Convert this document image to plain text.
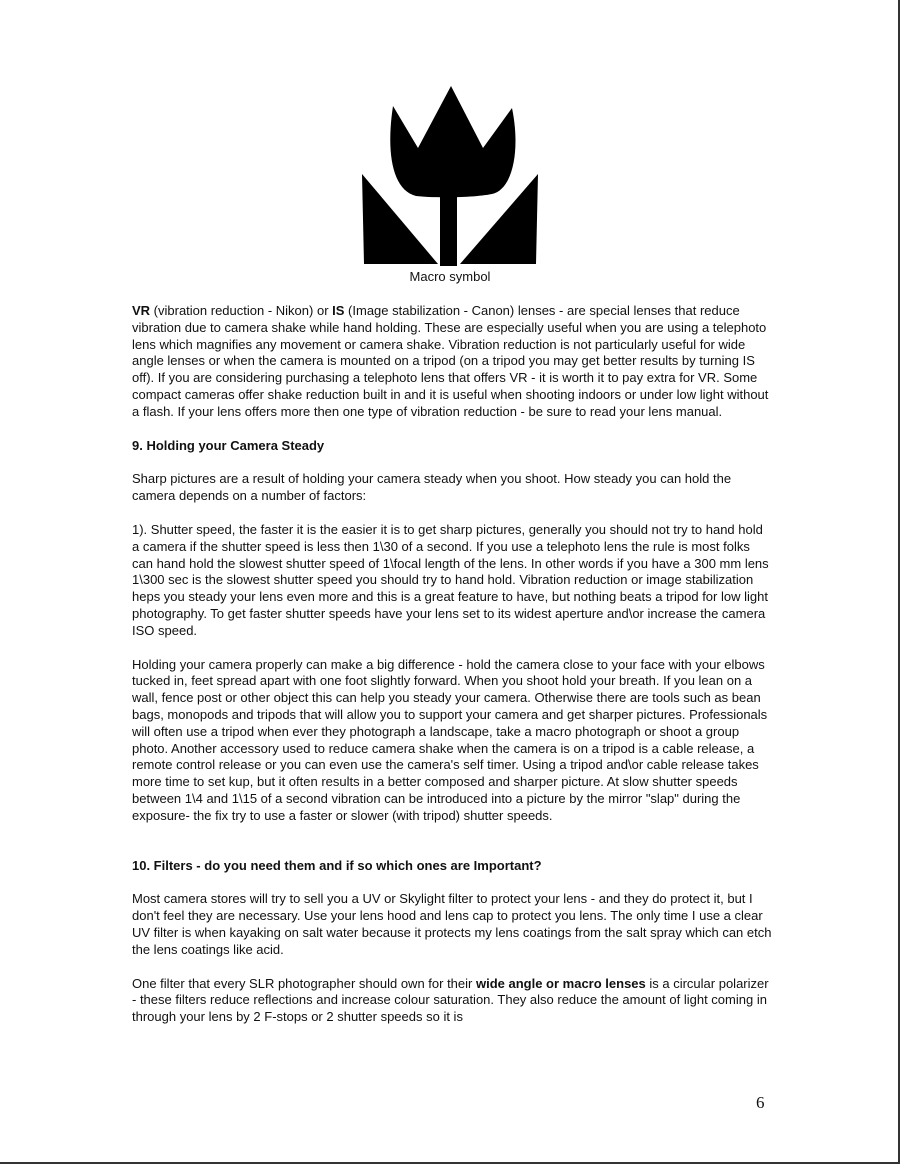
Macro symbol

VR (vibration reduction - Nikon) or IS (Image stabilization - Canon) lenses - are special lenses that reduce vibration due to camera shake while hand holding. These are especially useful when you are using a telephoto lens which magnifies any movement or camera shake. Vibration reduction is not particularly useful for wide angle lenses or when the camera is mounted on a tripod (on a tripod you may get better results by turning IS off). If you are considering purchasing a telephoto lens that offers VR - it is worth it to pay extra for VR. Some compact cameras offer shake reduction built in and it is useful when shooting indoors or under low light without a flash. If your lens offers more then one type of vibration reduction - be sure to read your lens manual.

9. Holding your Camera Steady

Sharp pictures are a result of holding your camera steady when you shoot. How steady you can hold the camera depends on a number of factors:

1). Shutter speed, the faster it is the easier it is to get sharp pictures, generally you should not try to hand hold a camera if the shutter speed is less then 1\30 of a second. If you use a telephoto lens the rule is most folks can hand hold the slowest shutter speed of 1\focal length of the lens. In other words if you have a 300 mm lens 1\300 sec is the slowest shutter speed you should try to hand hold. Vibration reduction or image stabilization heps you steady your lens even more and this is a great feature to have, but nothing beats a tripod for low light photography. To get faster shutter speeds have your lens set to its widest aperture and\or increase the camera ISO speed.

Holding your camera properly can make a big difference - hold the camera close to your face with your elbows tucked in, feet spread apart with one foot slightly forward. When you shoot hold your breath. If you lean on a wall, fence post or other object this can help you steady your camera. Otherwise there are tools such as bean bags, monopods and tripods that will allow you to support your camera and get sharper pictures. Professionals will often use a tripod when ever they photograph a landscape, take a macro photograph or shoot a group photo. Another accessory used to reduce camera shake when the camera is on a tripod is a cable release, a remote control release or you can even use the camera's self timer. Using a tripod and\or cable release takes more time to set kup, but it often results in a better composed and sharper picture. At slow shutter speeds between 1\4 and 1\15 of a second vibration can be introduced into a picture by the mirror "slap" during the exposure- the fix try to use a faster or slower (with tripod) shutter speeds.

10. Filters - do you need them and if so which ones are Important?

Most camera stores will try to sell you a UV or Skylight filter to protect your lens - and they do protect it, but I don't feel they are necessary. Use your lens hood and lens cap to protect you lens. The only time I use a clear UV filter is when kayaking on salt water because it protects my lens coatings from the salt spray which can etch the lens coatings like acid.

One filter that every SLR photographer should own for their wide angle or macro lenses is a circular polarizer - these filters reduce reflections and increase colour saturation. They also reduce the amount of light coming in through your lens by 2 F-stops or 2 shutter speeds so it is

6
